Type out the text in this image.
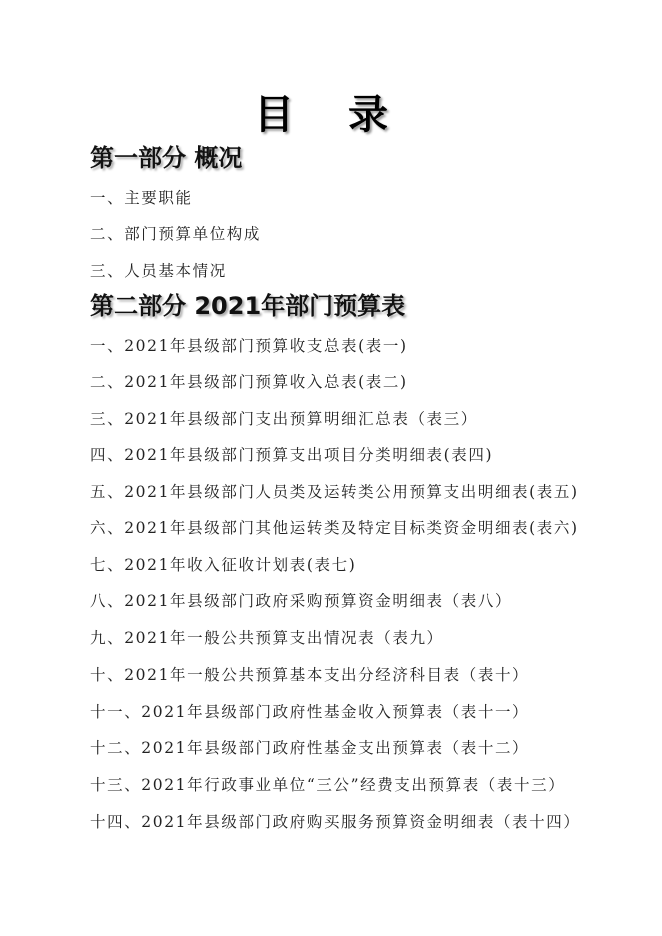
目 录
第一部分 概况
一、主要职能
二、部门预算单位构成
三、人员基本情况
第二部分 2021年部门预算表
一、2021年县级部门预算收支总表(表一)
二、2021年县级部门预算收入总表(表二)
三、2021年县级部门支出预算明细汇总表（表三）
四、2021年县级部门预算支出项目分类明细表(表四)
五、2021年县级部门人员类及运转类公用预算支出明细表(表五)
六、2021年县级部门其他运转类及特定目标类资金明细表(表六)
七、2021年收入征收计划表(表七)
八、2021年县级部门政府采购预算资金明细表（表八）
九、2021年一般公共预算支出情况表（表九）
十、2021年一般公共预算基本支出分经济科目表（表十）
十一、2021年县级部门政府性基金收入预算表（表十一）
十二、2021年县级部门政府性基金支出预算表（表十二）
十三、2021年行政事业单位“三公”经费支出预算表（表十三）
十四、2021年县级部门政府购买服务预算资金明细表（表十四）
